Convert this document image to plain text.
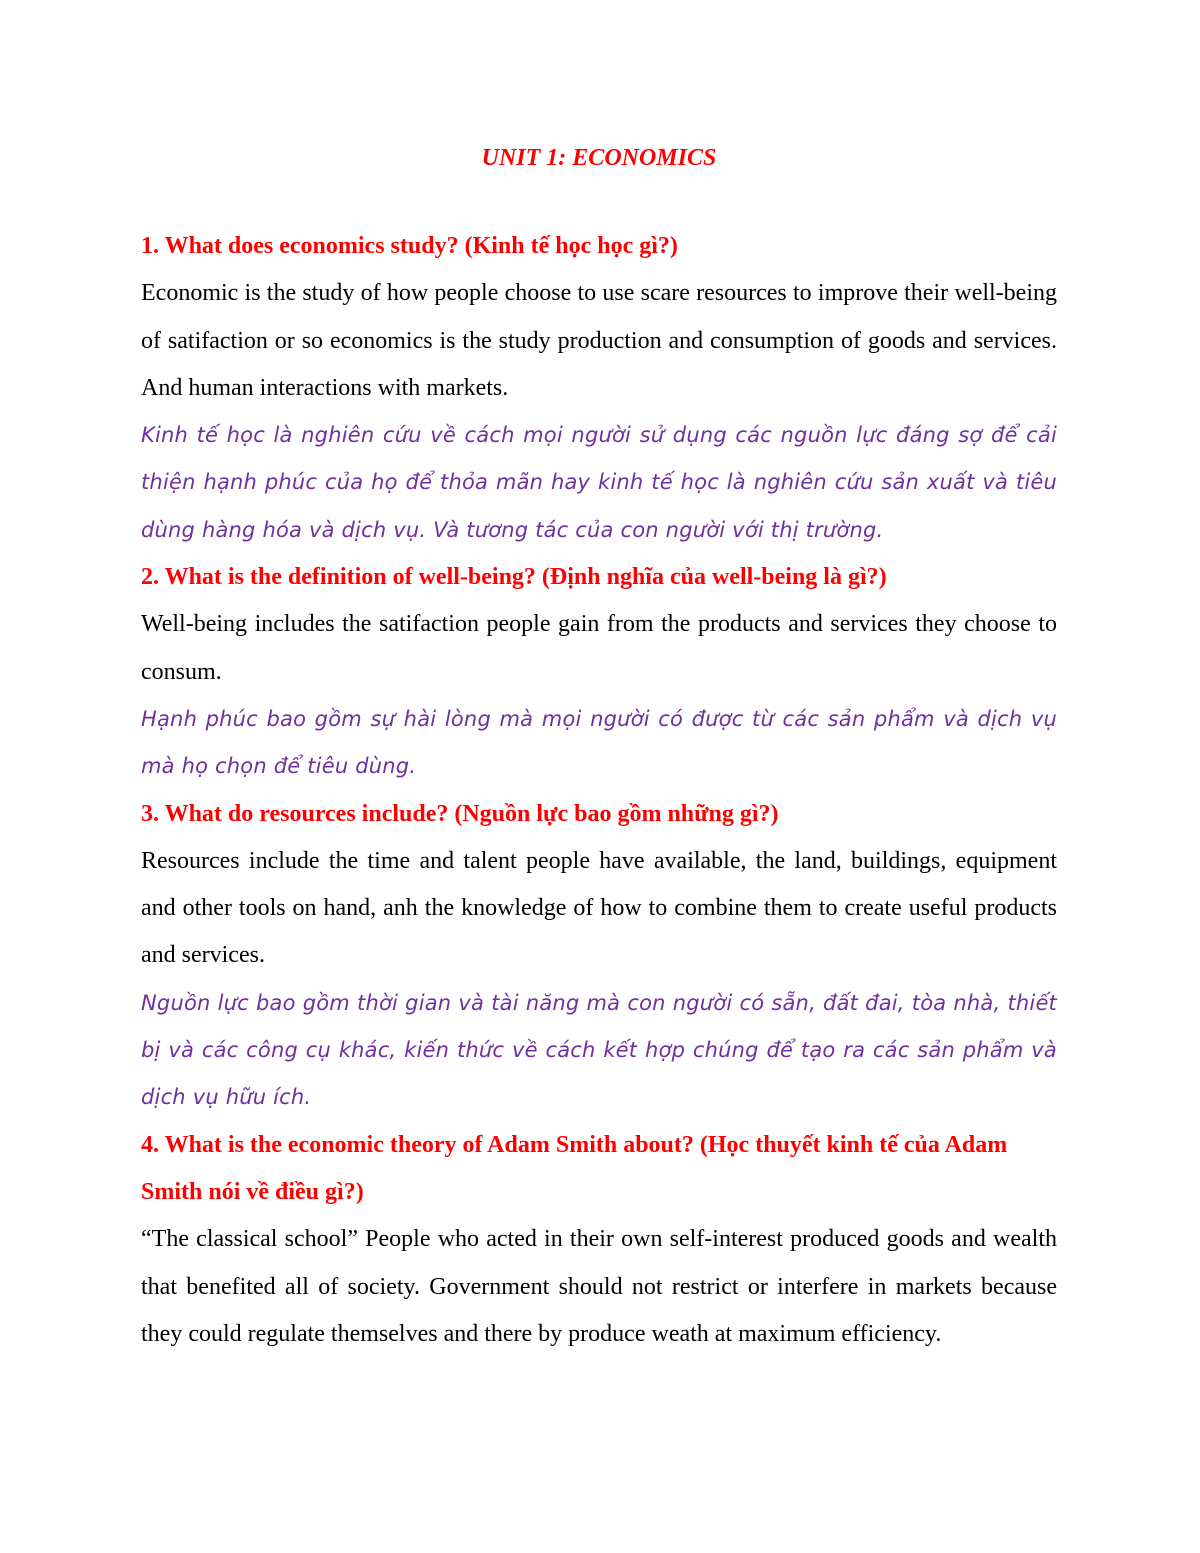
UNIT 1: ECONOMICS

1. What does economics study? (Kinh tế học học gì?)

Economic is the study of how people choose to use scare resources to improve their well-being of satifaction or so economics is the study production and consumption of goods and services. And human interactions with markets.

Kinh tế học là nghiên cứu về cách mọi người sử dụng các nguồn lực đáng sợ để cải thiện hạnh phúc của họ để thỏa mãn hay kinh tế học là nghiên cứu sản xuất và tiêu dùng hàng hóa và dịch vụ. Và tương tác của con người với thị trường.

2. What is the definition of well-being? (Định nghĩa của well-being là gì?)

Well-being includes the satifaction people gain from the products and services they choose to consum.

Hạnh phúc bao gồm sự hài lòng mà mọi người có được từ các sản phẩm và dịch vụ mà họ chọn để tiêu dùng.

3. What do resources include? (Nguồn lực bao gồm những gì?)

Resources include the time and talent people have available, the land, buildings, equipment and other tools on hand, anh the knowledge of how to combine them to create useful products and services.

Nguồn lực bao gồm thời gian và tài năng mà con người có sẵn, đất đai, tòa nhà, thiết bị và các công cụ khác, kiến thức về cách kết hợp chúng để tạo ra các sản phẩm và dịch vụ hữu ích.

4. What is the economic theory of Adam Smith about? (Học thuyết kinh tế của Adam Smith nói về điều gì?)

“The classical school” People who acted in their own self-interest produced goods and wealth that benefited all of society. Government should not restrict or interfere in markets because they could regulate themselves and there by produce weath at maximum efficiency.
